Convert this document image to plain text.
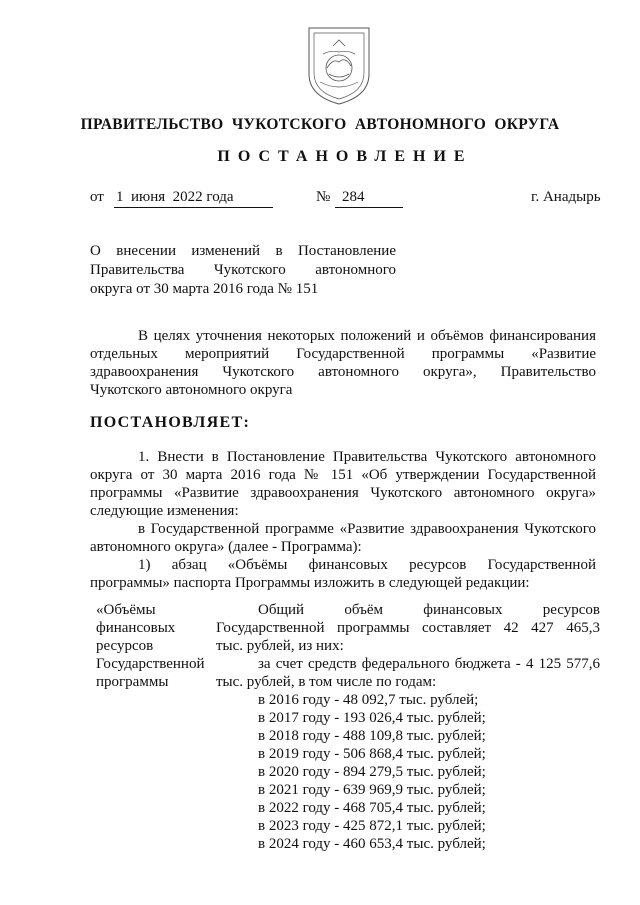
ПРАВИТЕЛЬСТВО  ЧУКОТСКОГО  АВТОНОМНОГО  ОКРУГА
ПОСТАНОВЛЕНИЕ
от 1  июня  2022 года	№ 284	г. Анадырь
О внесении изменений в Постановление
Правительства Чукотского автономного
округа от 30 марта 2016 года № 151
В целях уточнения некоторых положений и объёмов финансирования
отдельных мероприятий Государственной программы «Развитие
здравоохранения Чукотского автономного округа», Правительство
Чукотского автономного округа
ПОСТАНОВЛЯЕТ:
1. Внести в Постановление Правительства Чукотского автономного
округа от 30 марта 2016 года № 151 «Об утверждении Государственной
программы «Развитие здравоохранения Чукотского автономного округа»
следующие изменения:
в Государственной программе «Развитие здравоохранения Чукотского
автономного округа» (далее - Программа):
1) абзац «Объёмы финансовых ресурсов Государственной
программы» паспорта Программы изложить в следующей редакции:
«Объёмы
финансовых
ресурсов
Государственной
программы
Общий объём финансовых ресурсов
Государственной программы составляет 42 427 465,3
тыс. рублей, из них:
за счет средств федерального бюджета - 4 125 577,6
тыс. рублей, в том числе по годам:
в 2016 году - 48 092,7 тыс. рублей;
в 2017 году - 193 026,4 тыс. рублей;
в 2018 году - 488 109,8 тыс. рублей;
в 2019 году - 506 868,4 тыс. рублей;
в 2020 году - 894 279,5 тыс. рублей;
в 2021 году - 639 969,9 тыс. рублей;
в 2022 году - 468 705,4 тыс. рублей;
в 2023 году - 425 872,1 тыс. рублей;
в 2024 году - 460 653,4 тыс. рублей;
